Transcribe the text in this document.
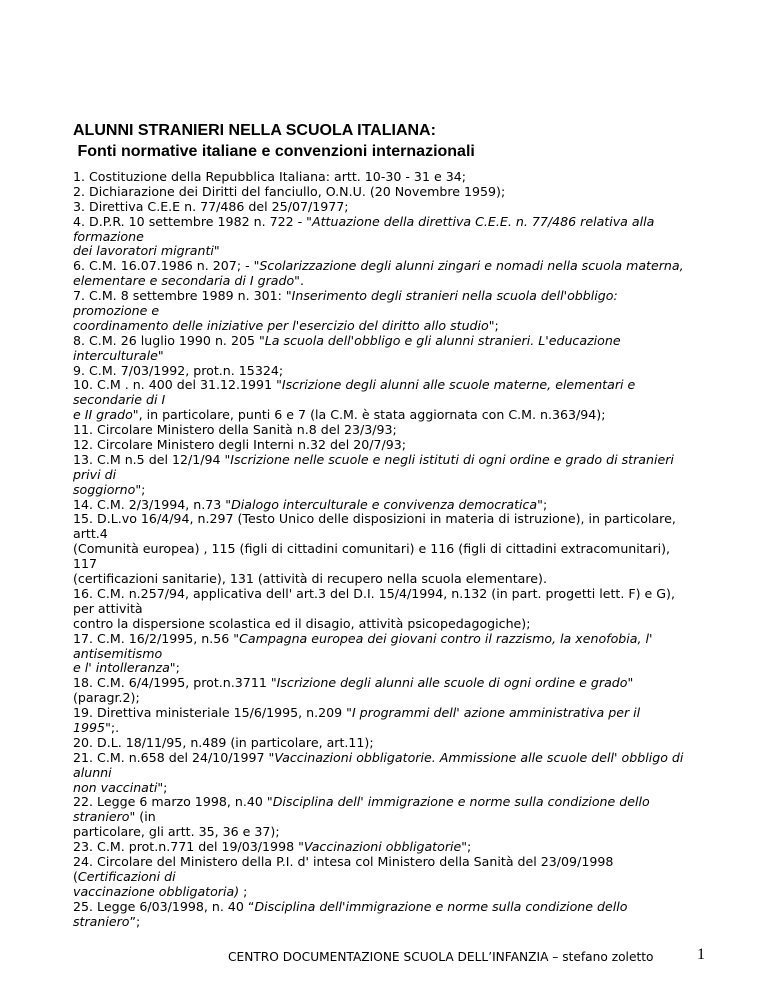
ALUNNI STRANIERI NELLA SCUOLA ITALIANA:
Fonti normative italiane e convenzioni internazionali
1. Costituzione della Repubblica Italiana: artt. 10-30 - 31 e 34;
2. Dichiarazione dei Diritti del fanciullo, O.N.U. (20 Novembre 1959);
3. Direttiva C.E.E n. 77/486 del 25/07/1977;
4. D.P.R. 10 settembre 1982 n. 722 - "Attuazione della direttiva C.E.E. n. 77/486 relativa alla
formazione
dei lavoratori migranti"
6. C.M. 16.07.1986 n. 207; - "Scolarizzazione degli alunni zingari e nomadi nella scuola materna,
elementare e secondaria di I grado".
7. C.M. 8 settembre 1989 n. 301: "Inserimento degli stranieri nella scuola dell'obbligo:
promozione e
coordinamento delle iniziative per l'esercizio del diritto allo studio";
8. C.M. 26 luglio 1990 n. 205 "La scuola dell'obbligo e gli alunni stranieri. L'educazione
interculturale"
9. C.M. 7/03/1992, prot.n. 15324;
10. C.M . n. 400 del 31.12.1991 "Iscrizione degli alunni alle scuole materne, elementari e
secondarie di I
e II grado", in particolare, punti 6 e 7 (la C.M. è stata aggiornata con C.M. n.363/94);
11. Circolare Ministero della Sanità n.8 del 23/3/93;
12. Circolare Ministero degli Interni n.32 del 20/7/93;
13. C.M n.5 del 12/1/94 "Iscrizione nelle scuole e negli istituti di ogni ordine e grado di stranieri
privi di
soggiorno";
14. C.M. 2/3/1994, n.73 "Dialogo interculturale e convivenza democratica";
15. D.L.vo 16/4/94, n.297 (Testo Unico delle disposizioni in materia di istruzione), in particolare,
artt.4
(Comunità europea) , 115 (figli di cittadini comunitari) e 116 (figli di cittadini extracomunitari),
117
(certificazioni sanitarie), 131 (attività di recupero nella scuola elementare).
16. C.M. n.257/94, applicativa dell' art.3 del D.I. 15/4/1994, n.132 (in part. progetti lett. F) e G),
per attività
contro la dispersione scolastica ed il disagio, attività psicopedagogiche);
17. C.M. 16/2/1995, n.56 "Campagna europea dei giovani contro il razzismo, la xenofobia, l'
antisemitismo
e l' intolleranza";
18. C.M. 6/4/1995, prot.n.3711 "Iscrizione degli alunni alle scuole di ogni ordine e grado"
(paragr.2);
19. Direttiva ministeriale 15/6/1995, n.209 "I programmi dell' azione amministrativa per il
1995";.
20. D.L. 18/11/95, n.489 (in particolare, art.11);
21. C.M. n.658 del 24/10/1997 "Vaccinazioni obbligatorie. Ammissione alle scuole dell' obbligo di
alunni
non vaccinati";
22. Legge 6 marzo 1998, n.40 "Disciplina dell' immigrazione e norme sulla condizione dello
straniero" (in
particolare, gli artt. 35, 36 e 37);
23. C.M. prot.n.771 del 19/03/1998 "Vaccinazioni obbligatorie";
24. Circolare del Ministero della P.I. d' intesa col Ministero della Sanità del 23/09/1998
(Certificazioni di
vaccinazione obbligatoria) ;
25. Legge 6/03/1998, n. 40 “Disciplina dell'immigrazione e norme sulla condizione dello
straniero”;
CENTRO DOCUMENTAZIONE SCUOLA DELL’INFANZIA – stefano zoletto	1
